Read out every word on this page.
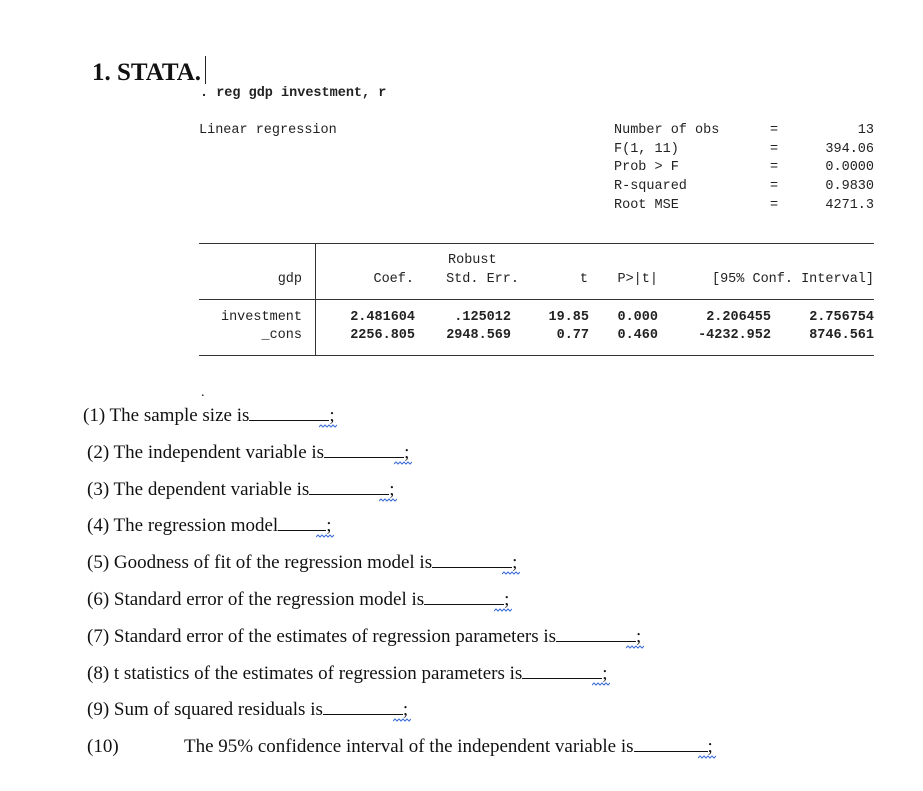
1. STATA.
. reg gdp investment, r
Linear regression	Number of obs	=	13
F(1, 11)	=	394.06
Prob > F	=	0.0000
R-squared	=	0.9830
Root MSE	=	4271.3
Robust
gdp	Coef. Std. Err.	t P>|t|	[95% Conf. Interval]
investment	2.481604	.125012	19.85 0.000	2.206455	2.756754
_cons	2256.805 2948.569	0.77 0.460	-4232.952	8746.561
.
(1) The sample size is	;
(2) The independent variable is	;
(3) The dependent variable is	;
(4) The regression model	;
(5) Goodness of fit of the regression model is	;
(6) Standard error of the regression model is	;
(7) Standard error of the estimates of regression parameters is	;
(8) t statistics of the estimates of regression parameters is	;
(9) Sum of squared residuals is	;
(10)	The 95% confidence interval of the independent variable is	;
